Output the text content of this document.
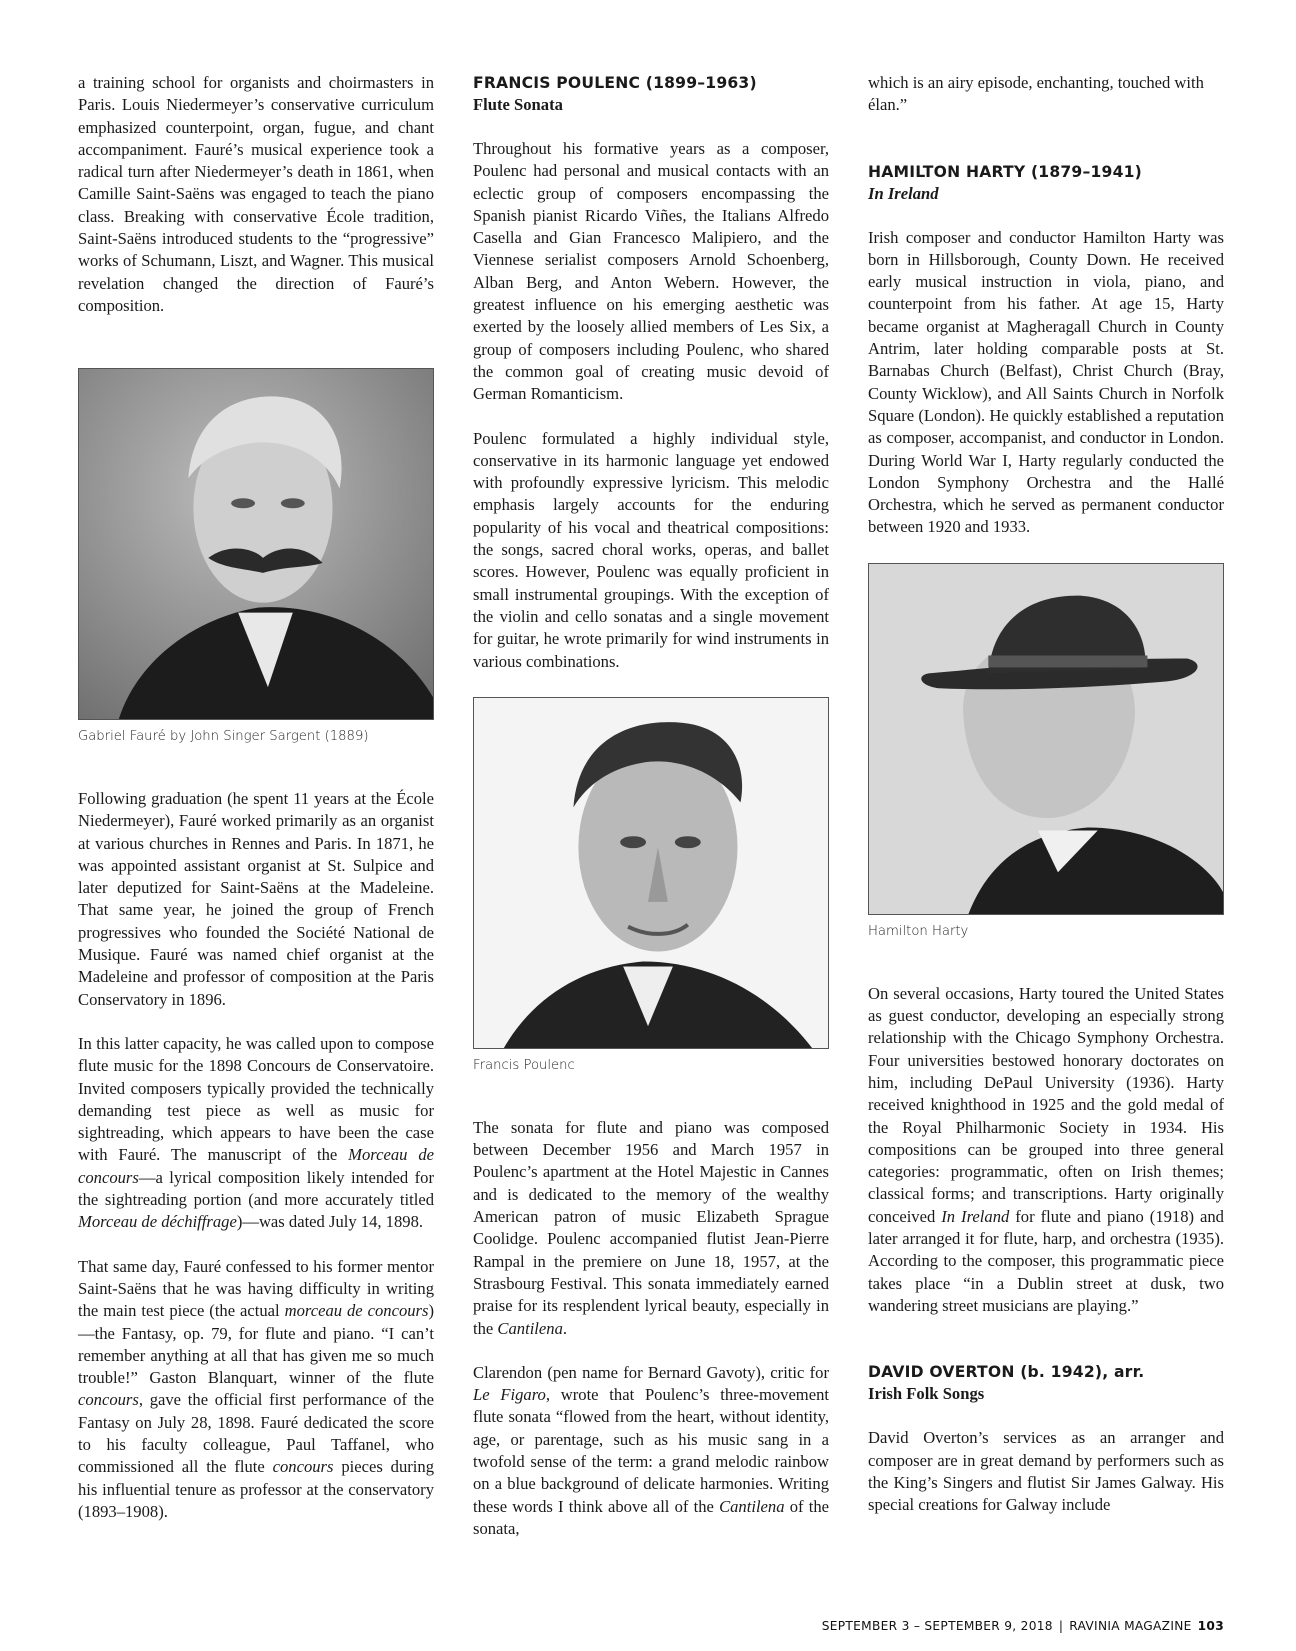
a training school for organists and choirmasters in Paris. Louis Niedermeyer’s conservative curriculum emphasized counterpoint, organ, fugue, and chant accompaniment. Fauré’s musical experience took a radical turn after Niedermeyer’s death in 1861, when Camille Saint-Saëns was engaged to teach the piano class. Breaking with conservative École tradition, Saint-Saëns introduced students to the “progressive” works of Schumann, Liszt, and Wagner. This musical revelation changed the direction of Fauré’s composition.

Gabriel Fauré by John Singer Sargent (1889)

Following graduation (he spent 11 years at the École Niedermeyer), Fauré worked primarily as an organist at various churches in Rennes and Paris. In 1871, he was appointed assistant organist at St. Sulpice and later deputized for Saint-Saëns at the Madeleine. That same year, he joined the group of French progressives who founded the Société National de Musique. Fauré was named chief organist at the Madeleine and professor of composition at the Paris Conservatory in 1896.

In this latter capacity, he was called upon to compose flute music for the 1898 Concours de Conservatoire. Invited composers typically provided the technically demanding test piece as well as music for sightreading, which appears to have been the case with Fauré. The manuscript of the Morceau de concours—a lyrical composition likely intended for the sightreading portion (and more accurately titled Morceau de déchiffrage)—was dated July 14, 1898.

That same day, Fauré confessed to his former mentor Saint-Saëns that he was having difficulty in writing the main test piece (the actual morceau de concours)—the Fantasy, op. 79, for flute and piano. “I can’t remember anything at all that has given me so much trouble!” Gaston Blanquart, winner of the flute concours, gave the official first performance of the Fantasy on July 28, 1898. Fauré dedicated the score to his faculty colleague, Paul Taffanel, who commissioned all the flute concours pieces during his influential tenure as professor at the conservatory (1893–1908).

FRANCIS POULENC (1899–1963)
Flute Sonata

Throughout his formative years as a composer, Poulenc had personal and musical contacts with an eclectic group of composers encompassing the Spanish pianist Ricardo Viñes, the Italians Alfredo Casella and Gian Francesco Malipiero, and the Viennese serialist composers Arnold Schoenberg, Alban Berg, and Anton Webern. However, the greatest influence on his emerging aesthetic was exerted by the loosely allied members of Les Six, a group of composers including Poulenc, who shared the common goal of creating music devoid of German Romanticism.

Poulenc formulated a highly individual style, conservative in its harmonic language yet endowed with profoundly expressive lyricism. This melodic emphasis largely accounts for the enduring popularity of his vocal and theatrical compositions: the songs, sacred choral works, operas, and ballet scores. However, Poulenc was equally proficient in small instrumental groupings. With the exception of the violin and cello sonatas and a single movement for guitar, he wrote primarily for wind instruments in various combinations.

Francis Poulenc

The sonata for flute and piano was composed between December 1956 and March 1957 in Poulenc’s apartment at the Hotel Majestic in Cannes and is dedicated to the memory of the wealthy American patron of music Elizabeth Sprague Coolidge. Poulenc accompanied flutist Jean-Pierre Rampal in the premiere on June 18, 1957, at the Strasbourg Festival. This sonata immediately earned praise for its resplendent lyrical beauty, especially in the Cantilena.

Clarendon (pen name for Bernard Gavoty), critic for Le Figaro, wrote that Poulenc’s three-movement flute sonata “flowed from the heart, without identity, age, or parentage, such as his music sang in a twofold sense of the term: a grand melodic rainbow on a blue background of delicate harmonies. Writing these words I think above all of the Cantilena of the sonata,

which is an airy episode, enchanting, touched with élan.”

HAMILTON HARTY (1879–1941)
In Ireland

Irish composer and conductor Hamilton Harty was born in Hillsborough, County Down. He received early musical instruction in viola, piano, and counterpoint from his father. At age 15, Harty became organist at Magheragall Church in County Antrim, later holding comparable posts at St. Barnabas Church (Belfast), Christ Church (Bray, County Wicklow), and All Saints Church in Norfolk Square (London). He quickly established a reputation as composer, accompanist, and conductor in London. During World War I, Harty regularly conducted the London Symphony Orchestra and the Hallé Orchestra, which he served as permanent conductor between 1920 and 1933.

Hamilton Harty

On several occasions, Harty toured the United States as guest conductor, developing an especially strong relationship with the Chicago Symphony Orchestra. Four universities bestowed honorary doctorates on him, including DePaul University (1936). Harty received knighthood in 1925 and the gold medal of the Royal Philharmonic Society in 1934. His compositions can be grouped into three general categories: programmatic, often on Irish themes; classical forms; and transcriptions. Harty originally conceived In Ireland for flute and piano (1918) and later arranged it for flute, harp, and orchestra (1935). According to the composer, this programmatic piece takes place “in a Dublin street at dusk, two wandering street musicians are playing.”

DAVID OVERTON (b. 1942), arr.
Irish Folk Songs

David Overton’s services as an arranger and composer are in great demand by performers such as the King’s Singers and flutist Sir James Galway. His special creations for Galway include

SEPTEMBER 3 – SEPTEMBER 9, 2018 | RAVINIA MAGAZINE 103
